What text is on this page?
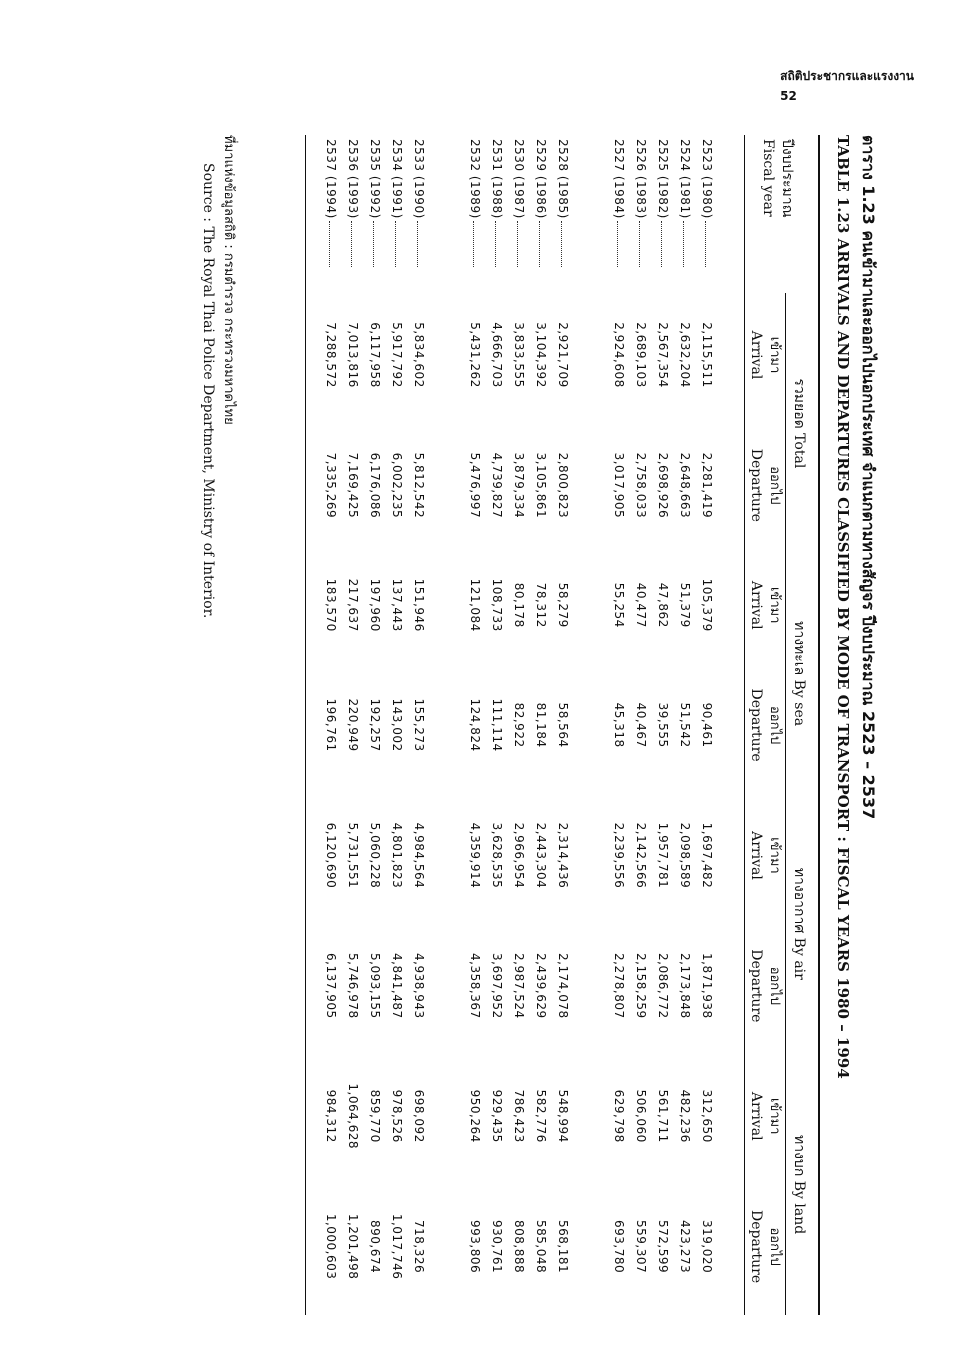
สถิติประชากรและแรงงาน
52
ตาราง 1.23 คนเข้ามาและออกไปนอกประเทศ จำแนกตามทางสัญจร ปีงบประมาณ 2523 – 2537
TABLE 1.23 ARRIVALS AND DEPARTURES CLASSIFIED BY MODE OF TRANSPORT : FISCAL YEARS 1980 – 1994
ปีงบประมาณ
Fiscal year	รวมยอด Total		ทางทะเล By sea		ทางอากาศ By air		ทางบก By land	

	เข้ามา
Arrival	ออกไป
Departure	เข้ามา
Arrival	ออกไป
Departure	เข้ามา
Arrival	ออกไป
Departure	เข้ามา
Arrival	ออกไป
Departure

2523 (1980)	2,115,511	2,281,419	105,379	90,461	1,697,482	1,871,938	312,650	319,020
2524 (1981)	2,632,204	2,648,663	51,379	51,542	2,098,589	2,173,848	482,236	423,273
2525 (1982)	2,567,354	2,698,926	47,862	39,555	1,957,781	2,086,772	561,711	572,599
2526 (1983)	2,689,103	2,758,033	40,477	40,467	2,142,566	2,158,259	506,060	559,307
2527 (1984)	2,924,608	3,017,905	55,254	45,318	2,239,556	2,278,807	629,798	693,780

2528 (1985)	2,921,709	2,800,823	58,279	58,564	2,314,436	2,174,078	548,994	568,181
2529 (1986)	3,104,392	3,105,861	78,312	81,184	2,443,304	2,439,629	582,776	585,048
2530 (1987)	3,833,555	3,879,334	80,178	82,922	2,966,954	2,987,524	786,423	808,888
2531 (1988)	4,666,703	4,739,827	108,733	111,114	3,628,535	3,697,952	929,435	930,761
2532 (1989)	5,431,262	5,476,997	121,084	124,824	4,359,914	4,358,367	950,264	993,806

2533 (1990)	5,834,602	5,812,542	151,946	155,273	4,984,564	4,938,943	698,092	718,326
2534 (1991)	5,917,792	6,002,235	137,443	143,002	4,801,823	4,841,487	978,526	1,017,746
2535 (1992)	6,117,958	6,176,086	197,960	192,257	5,060,228	5,093,155	859,770	890,674
2536 (1993)	7,013,816	7,169,425	217,637	220,949	5,731,551	5,746,978	1,064,628	1,201,498
2537 (1994)	7,288,572	7,335,269	183,570	196,761	6,120,690	6,137,905	984,312	1,000,603

ที่มาแห่งข้อมูลสถิติ : กรมตำรวจ กระทรวงมหาดไทย
Source : The Royal Thai Police Department, Ministry of Interior.
